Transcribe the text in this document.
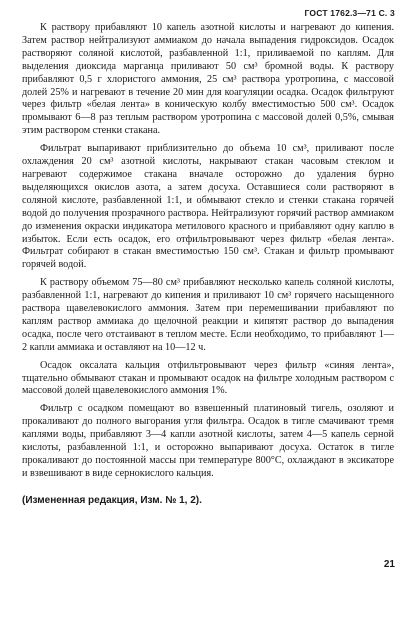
ГОСТ 1762.3—71 С. 3

К раствору прибавляют 10 капель азотной кислоты и нагревают до кипения. Затем раствор нейтрализуют аммиаком до начала выпадения гидроксидов. Осадок растворяют соляной кислотой, разбавленной 1:1, приливаемой по каплям. Для выделения диоксида марганца приливают 50 см³ бромной воды. К раствору прибавляют 0,5 г хлористого аммония, 25 см³ раствора уротропина, с массовой долей 25% и нагревают в течение 20 мин для коагуляции осадка. Осадок фильтруют через фильтр «белая лента» в коническую колбу вместимостью 500 см³. Осадок промывают 6—8 раз теплым раствором уротропина с массовой долей 0,5%, смывая этим раствором стенки стакана.

Фильтрат выпаривают приблизительно до объема 10 см³, приливают после охлаждения 20 см³ азотной кислоты, накрывают стакан часовым стеклом и нагревают содержимое стакана вначале осторожно до удаления бурно выделяющихся окислов азота, а затем досуха. Оставшиеся соли растворяют в соляной кислоте, разбавленной 1:1, и обмывают стекло и стенки стакана горячей водой до получения прозрачного раствора. Нейтрализуют горячий раствор аммиаком до изменения окраски индикатора метилового красного и прибавляют одну каплю в избыток. Если есть осадок, его отфильтровывают через фильтр «белая лента». Фильтрат собирают в стакан вместимостью 150 см³. Стакан и фильтр промывают горячей водой.

К раствору объемом 75—80 см³ прибавляют несколько капель соляной кислоты, разбавленной 1:1, нагревают до кипения и приливают 10 см³ горячего насыщенного раствора щавелевокислого аммония. Затем при перемешивании прибавляют по каплям раствор аммиака до щелочной реакции и кипятят раствор до выпадения осадка, после чего отстаивают в теплом месте. Если необходимо, то прибавляют 1—2 капли аммиака и оставляют на 10—12 ч.

Осадок оксалата кальция отфильтровывают через фильтр «синяя лента», тщательно обмывают стакан и промывают осадок на фильтре холодным раствором с массовой долей щавелевокислого аммония 1%.

Фильтр с осадком помещают во взвешенный платиновый тигель, озоляют и прокаливают до полного выгорания угля фильтра. Осадок в тигле смачивают тремя каплями воды, прибавляют 3—4 капли азотной кислоты, затем 4—5 капель серной кислоты, разбавленной 1:1, и осторожно выпаривают досуха. Остаток в тигле прокаливают до постоянной массы при температуре 800°С, охлаждают в эксикаторе и взвешивают в виде сернокислого кальция.

(Измененная редакция, Изм. № 1, 2).

21
